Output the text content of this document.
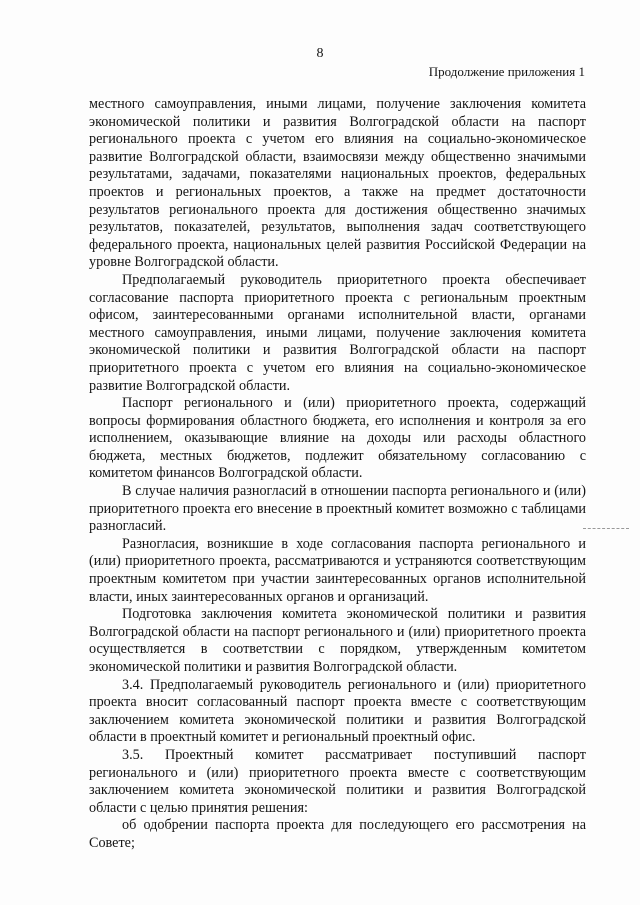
8
Продолжение приложения 1

местного самоуправления, иными лицами, получение заключения комитета экономической политики и развития Волгоградской области на паспорт регионального проекта с учетом его влияния на социально-экономическое развитие Волгоградской области, взаимосвязи между общественно значимыми результатами, задачами, показателями национальных проектов, федеральных проектов и региональных проектов, а также на предмет достаточности результатов регионального проекта для достижения общественно значимых результатов, показателей, результатов, выполнения задач соответствующего федерального проекта, национальных целей развития Российской Федерации на уровне Волгоградской области.

Предполагаемый руководитель приоритетного проекта обеспечивает согласование паспорта приоритетного проекта с региональным проектным офисом, заинтересованными органами исполнительной власти, органами местного самоуправления, иными лицами, получение заключения комитета экономической политики и развития Волгоградской области на паспорт приоритетного проекта с учетом его влияния на социально-экономическое развитие Волгоградской области.

Паспорт регионального и (или) приоритетного проекта, содержащий вопросы формирования областного бюджета, его исполнения и контроля за его исполнением, оказывающие влияние на доходы или расходы областного бюджета, местных бюджетов, подлежит обязательному согласованию с комитетом финансов Волгоградской области.

В случае наличия разногласий в отношении паспорта регионального и (или) приоритетного проекта его внесение в проектный комитет возможно с таблицами разногласий.

Разногласия, возникшие в ходе согласования паспорта регионального и (или) приоритетного проекта, рассматриваются и устраняются соответствующим проектным комитетом при участии заинтересованных органов исполнительной власти, иных заинтересованных органов и организаций.

Подготовка заключения комитета экономической политики и развития Волгоградской области на паспорт регионального и (или) приоритетного проекта осуществляется в соответствии с порядком, утвержденным комитетом экономической политики и развития Волгоградской области.

3.4. Предполагаемый руководитель регионального и (или) приоритетного проекта вносит согласованный паспорт проекта вместе с соответствующим заключением комитета экономической политики и развития Волгоградской области в проектный комитет и региональный проектный офис.

3.5. Проектный комитет рассматривает поступивший паспорт регионального и (или) приоритетного проекта вместе с соответствующим заключением комитета экономической политики и развития Волгоградской области с целью принятия решения:

об одобрении паспорта проекта для последующего его рассмотрения на Совете;
